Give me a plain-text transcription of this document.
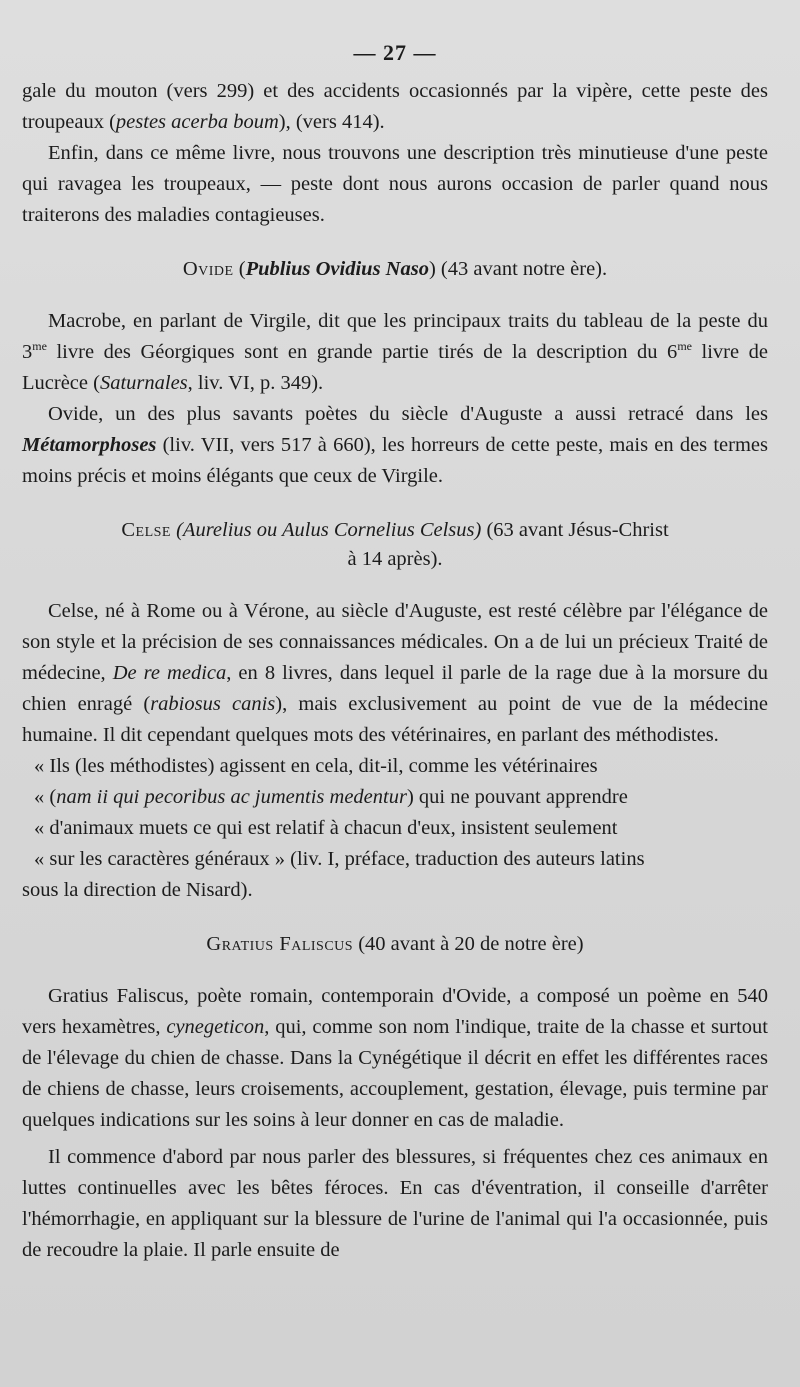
— 27 —

gale du mouton (vers 299) et des accidents occasionnés par la vipère, cette peste des troupeaux (pestes acerba boum), (vers 414).

Enfin, dans ce même livre, nous trouvons une description très minutieuse d'une peste qui ravagea les troupeaux, — peste dont nous aurons occasion de parler quand nous traiterons des maladies contagieuses.

Ovide (Publius Ovidius Naso) (43 avant notre ère).

Macrobe, en parlant de Virgile, dit que les principaux traits du tableau de la peste du $3^{me}$ livre des Géorgiques sont en grande partie tirés de la description du $6^{me}$ livre de Lucrèce (Saturnales, liv. VI, p. 349).

Ovide, un des plus savants poètes du siècle d'Auguste a aussi retracé dans les Métamorphoses (liv. VII, vers 517 à 660), les horreurs de cette peste, mais en des termes moins précis et moins élégants que ceux de Virgile.

Celse (Aurelius ou Aulus Cornelius Celsus) (63 avant Jésus-Christ
à 14 après).

Celse, né à Rome ou à Vérone, au siècle d'Auguste, est resté célèbre par l'élégance de son style et la précision de ses connaissances médicales. On a de lui un précieux Traité de médecine, De re medica, en 8 livres, dans lequel il parle de la rage due à la morsure du chien enragé (rabiosus canis), mais exclusivement au point de vue de la médecine humaine. Il dit cependant quelques mots des vétérinaires, en parlant des méthodistes.

« Ils (les méthodistes) agissent en cela, dit-il, comme les vétérinaires
« (nam ii qui pecoribus ac jumentis medentur) qui ne pouvant apprendre
« d'animaux muets ce qui est relatif à chacun d'eux, insistent seulement
« sur les caractères généraux » (liv. I, préface, traduction des auteurs latins
sous la direction de Nisard).
Gratius Faliscus (40 avant à 20 de notre ère)

Gratius Faliscus, poète romain, contemporain d'Ovide, a composé un poème en 540 vers hexamètres, cynegeticon, qui, comme son nom l'indique, traite de la chasse et surtout de l'élevage du chien de chasse. Dans la Cynégétique il décrit en effet les différentes races de chiens de chasse, leurs croisements, accouplement, gestation, élevage, puis termine par quelques indications sur les soins à leur donner en cas de maladie.

Il commence d'abord par nous parler des blessures, si fréquentes chez ces animaux en luttes continuelles avec les bêtes féroces. En cas d'éventration, il conseille d'arrêter l'hémorrhagie, en appliquant sur la blessure de l'urine de l'animal qui l'a occasionnée, puis de recoudre la plaie. Il parle ensuite de
